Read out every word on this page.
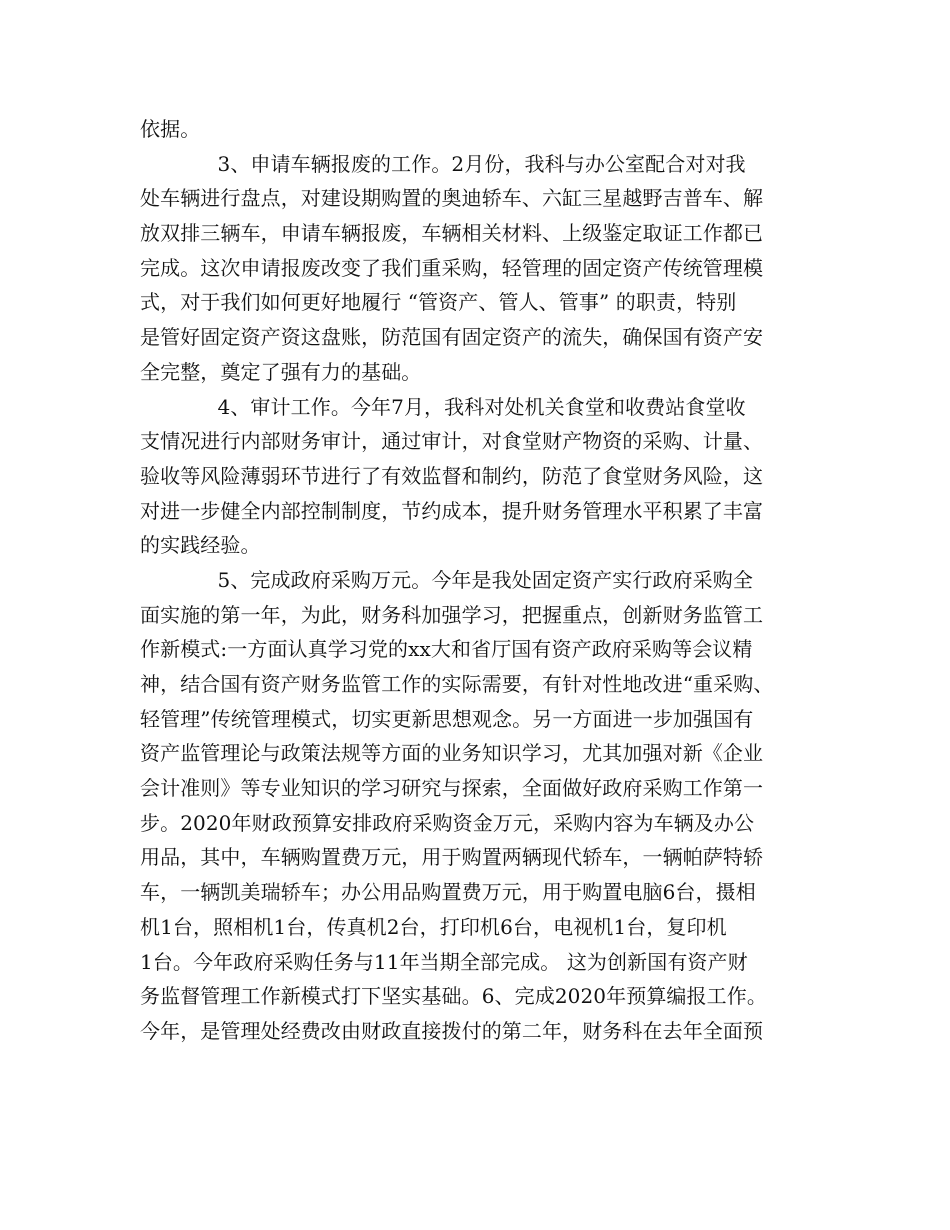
依据。
3、申请车辆报废的工作。2月份，我科与办公室配合对对我
处车辆进行盘点，对建设期购置的奥迪轿车、六缸三星越野吉普车、解
放双排三辆车，申请车辆报废，车辆相关材料、上级鉴定取证工作都已
完成。这次申请报废改变了我们重采购，轻管理的固定资产传统管理模
式，对于我们如何更好地履行 “管资产、管人、管事” 的职责，特别
是管好固定资产资这盘账，防范国有固定资产的流失，确保国有资产安
全完整，奠定了强有力的基础。
4、审计工作。今年7月，我科对处机关食堂和收费站食堂收
支情况进行内部财务审计，通过审计，对食堂财产物资的采购、计量、
验收等风险薄弱环节进行了有效监督和制约，防范了食堂财务风险，这
对进一步健全内部控制制度，节约成本，提升财务管理水平积累了丰富
的实践经验。
5、完成政府采购万元。今年是我处固定资产实行政府采购全
面实施的第一年，为此，财务科加强学习，把握重点，创新财务监管工
作新模式:一方面认真学习党的xx大和省厅国有资产政府采购等会议精
神，结合国有资产财务监管工作的实际需要，有针对性地改进“重采购、
轻管理”传统管理模式，切实更新思想观念。另一方面进一步加强国有
资产监管理论与政策法规等方面的业务知识学习，尤其加强对新《企业
会计准则》等专业知识的学习研究与探索，全面做好政府采购工作第一
步。2020年财政预算安排政府采购资金万元，采购内容为车辆及办公
用品，其中，车辆购置费万元，用于购置两辆现代轿车，一辆帕萨特轿
车，一辆凯美瑞轿车；办公用品购置费万元，用于购置电脑6台，摄相
机1台，照相机1台，传真机2台，打印机6台，电视机1台，复印机
1台。今年政府采购任务与11年当期全部完成。 这为创新国有资产财
务监督管理工作新模式打下坚实基础。6、完成2020年预算编报工作。
今年，是管理处经费改由财政直接拨付的第二年，财务科在去年全面预
